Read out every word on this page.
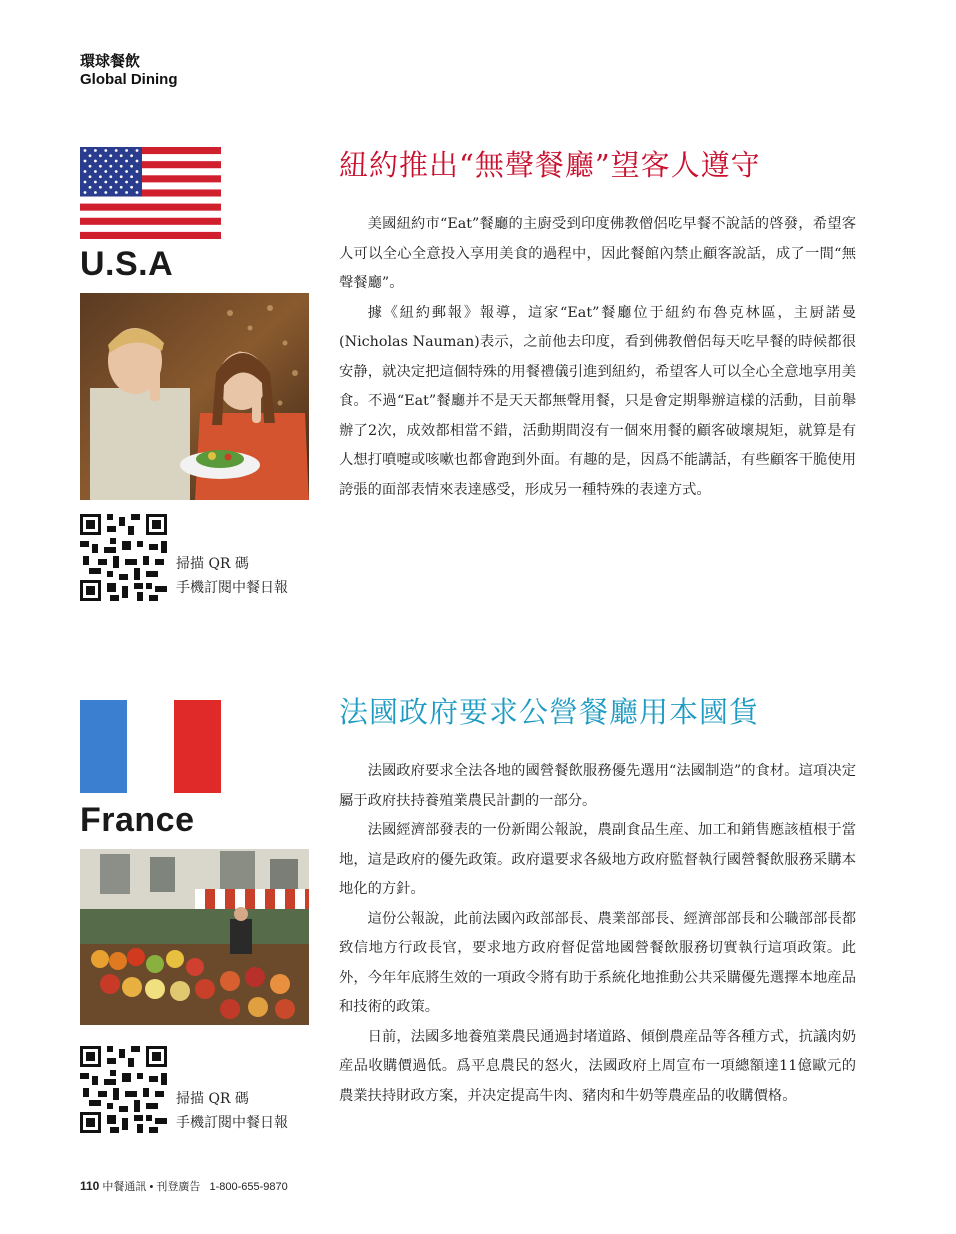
環球餐飲
Global Dining
U.S.A
掃描 QR 碼
手機訂閱中餐日報
紐約推出“無聲餐廳”望客人遵守

美國紐約市“Eat”餐廳的主廚受到印度佛教僧侶吃早餐不說話的啓發，希望客人可以全心全意投入享用美食的過程中，因此餐館內禁止顧客說話，成了一間“無聲餐廳”。

據《紐約郵報》報導，這家“Eat”餐廳位于紐約布魯克林區，主厨諾曼(Nicholas Nauman)表示，之前他去印度，看到佛教僧侶每天吃早餐的時候都很安静，就决定把這個特殊的用餐禮儀引進到紐約，希望客人可以全心全意地享用美食。不過“Eat”餐廳并不是天天都無聲用餐，只是會定期舉辦這樣的活動，目前舉辦了2次，成效都相當不錯，活動期間沒有一個來用餐的顧客破壞規矩，就算是有人想打噴嚏或咳嗽也都會跑到外面。有趣的是，因爲不能講話，有些顧客干脆使用誇張的面部表情來表達感受，形成另一種特殊的表達方式。

France
掃描 QR 碼
手機訂閱中餐日報
法國政府要求公營餐廳用本國貨

法國政府要求全法各地的國營餐飲服務優先選用“法國制造”的食材。這項决定屬于政府扶持養殖業農民計劃的一部分。

法國經濟部發表的一份新聞公報說，農副食品生産、加工和銷售應該植根于當地，這是政府的優先政策。政府還要求各級地方政府監督執行國營餐飲服務采購本地化的方針。

這份公報說，此前法國內政部部長、農業部部長、經濟部部長和公職部部長都致信地方行政長官，要求地方政府督促當地國營餐飲服務切實執行這項政策。此外，今年年底將生效的一項政令將有助于系統化地推動公共采購優先選擇本地産品和技術的政策。

日前，法國多地養殖業農民通過封堵道路、傾倒農産品等各種方式，抗議肉奶産品收購價過低。爲平息農民的怒火，法國政府上周宣布一項總額達11億歐元的農業扶持財政方案，并决定提高牛肉、豬肉和牛奶等農産品的收購價格。

110 中餐通訊 • 刊登廣告 1-800-655-9870
